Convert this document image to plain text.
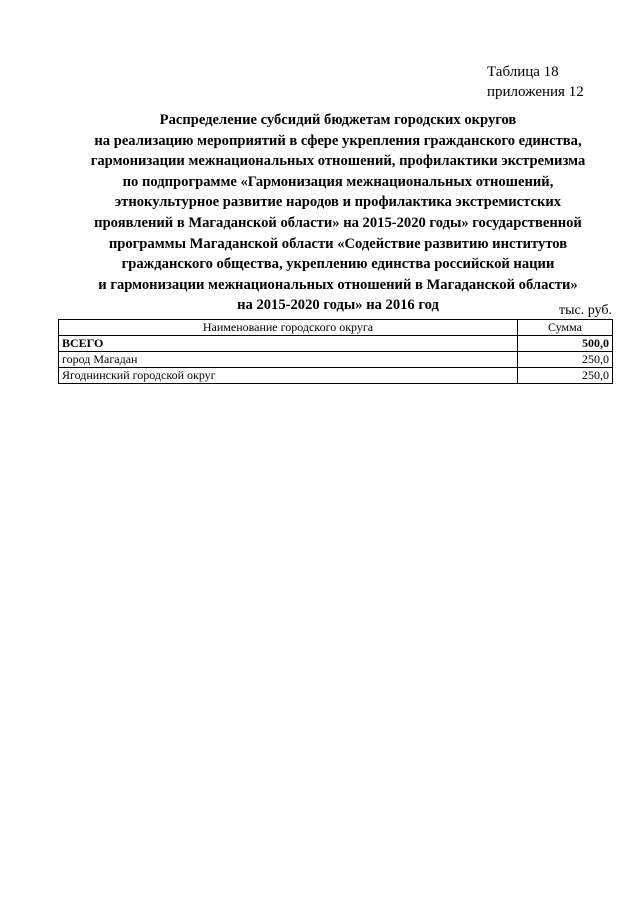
Таблица 18
приложения 12
Распределение субсидий бюджетам городских округов
на реализацию мероприятий в сфере укрепления гражданского единства,
гармонизации межнациональных отношений, профилактики экстремизма
по подпрограмме «Гармонизация межнациональных отношений,
этнокультурное развитие народов и профилактика экстремистских
проявлений в Магаданской области» на 2015-2020 годы» государственной
программы Магаданской области «Содействие развитию институтов
гражданского общества, укреплению единства российской нации
и гармонизации межнациональных отношений в Магаданской области»
на 2015-2020 годы» на 2016 год	тыс. руб.
Наименование городского округа	Сумма
ВСЕГО	500,0
город Магадан	250,0
Ягоднинский городской округ	250,0
